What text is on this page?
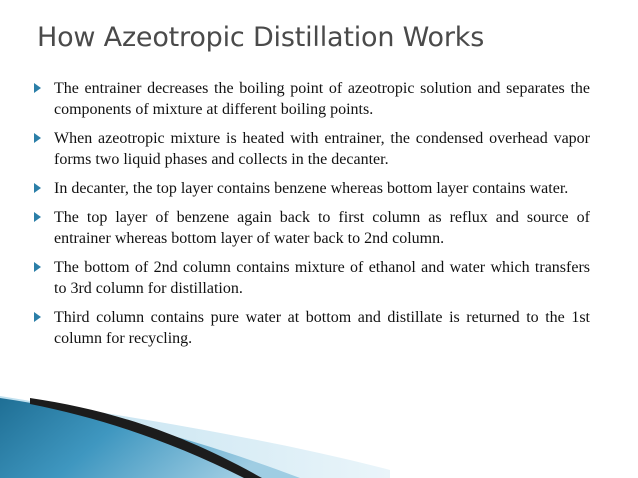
How Azeotropic Distillation Works
The entrainer decreases the boiling point of azeotropic solution and separates the components of mixture at different boiling points.
When azeotropic mixture is heated with entrainer, the condensed overhead vapor forms two liquid phases and collects in the decanter.
In decanter, the top layer contains benzene whereas bottom layer contains water.
The top layer of benzene again back to first column as reflux and source of entrainer whereas bottom layer of water back to 2nd column.
The bottom of 2nd column contains mixture of ethanol and water which transfers to 3rd column for distillation.
Third column contains pure water at bottom and distillate is returned to the 1st column for recycling.
